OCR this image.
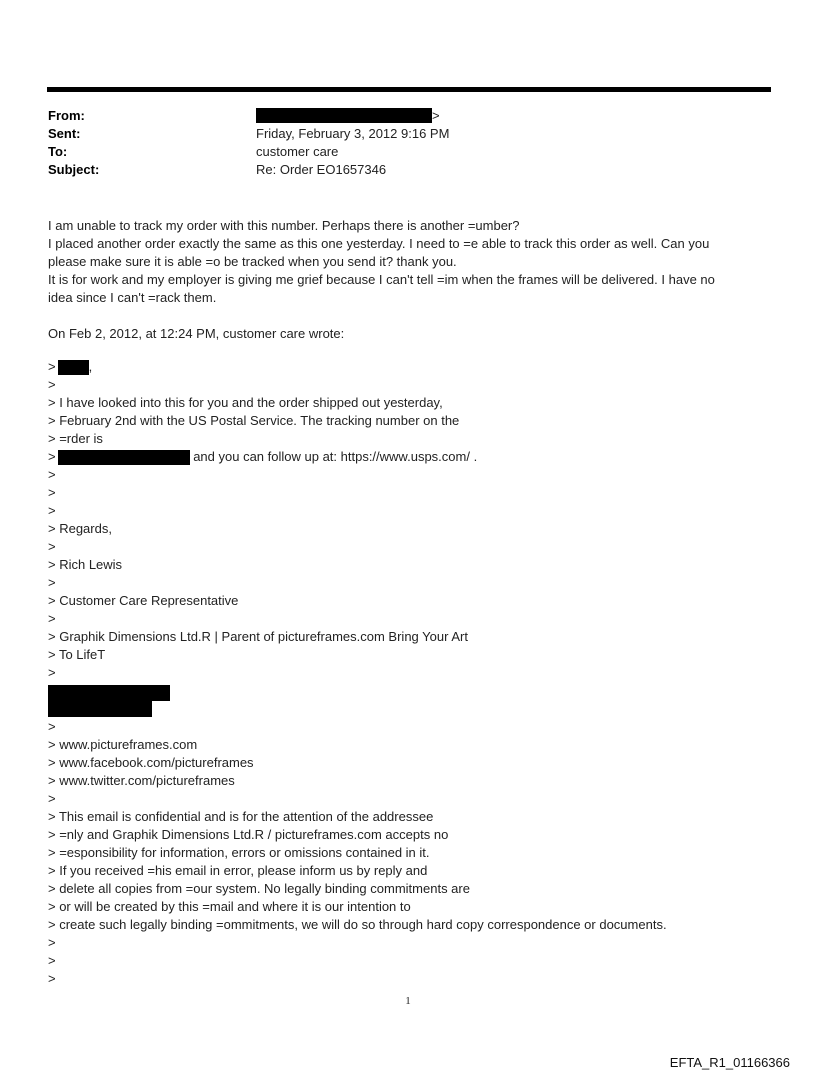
From:	>
Sent:	Friday, February 3, 2012 9:16 PM
To:	customer care
Subject:	Re: Order EO1657346
I am unable to track my order with this number. Perhaps there is another =umber?
I placed another order exactly the same as this one yesterday. I need to =e able to track this order as well. Can you
please make sure it is able =o be tracked when you send it? thank you.
It is for work and my employer is giving me grief because I can't tell =im when the frames will be delivered. I have no
idea since I can't =rack them.
On Feb 2, 2012, at 12:24 PM, customer care wrote:
>	,
>
> I have looked into this for you and the order shipped out yesterday,
> February 2nd with the US Postal Service. The tracking number on the
> =rder is
>	and you can follow up at: https://www.usps.com/ .
>
>
>
> Regards,
>
> Rich Lewis
>
> Customer Care Representative
>
> Graphik Dimensions Ltd.R | Parent of pictureframes.com Bring Your Art
> To LifeT
>
>
> www.pictureframes.com
> www.facebook.com/pictureframes
> www.twitter.com/pictureframes
>
> This email is confidential and is for the attention of the addressee
> =nly and Graphik Dimensions Ltd.R / pictureframes.com accepts no
> =esponsibility for information, errors or omissions contained in it.
> If you received =his email in error, please inform us by reply and
> delete all copies from =our system. No legally binding commitments are
> or will be created by this =mail and where it is our intention to
> create such legally binding =ommitments, we will do so through hard copy correspondence or documents.
>
>
>
1
EFTA_R1_01166366
